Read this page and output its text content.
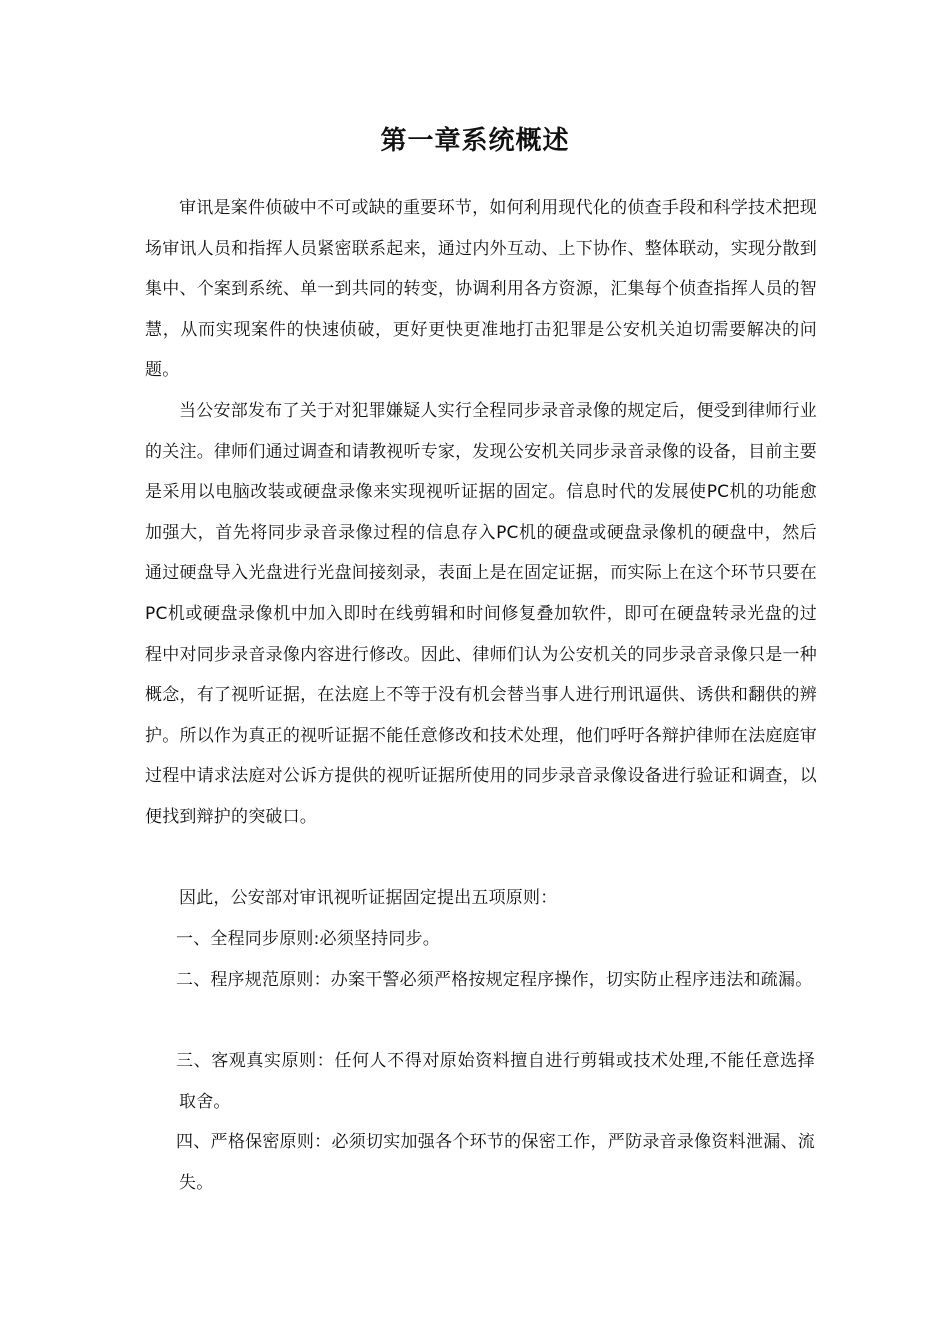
第一章系统概述

审讯是案件侦破中不可或缺的重要环节，如何利用现代化的侦查手段和科学技术把现场审讯人员和指挥人员紧密联系起来，通过内外互动、上下协作、整体联动，实现分散到集中、个案到系统、单一到共同的转变，协调利用各方资源，汇集每个侦查指挥人员的智慧，从而实现案件的快速侦破，更好更快更准地打击犯罪是公安机关迫切需要解决的问题。

当公安部发布了关于对犯罪嫌疑人实行全程同步录音录像的规定后，便受到律师行业的关注。律师们通过调查和请教视听专家，发现公安机关同步录音录像的设备，目前主要是采用以电脑改装或硬盘录像来实现视听证据的固定。信息时代的发展使PC机的功能愈加强大，首先将同步录音录像过程的信息存入PC机的硬盘或硬盘录像机的硬盘中，然后通过硬盘导入光盘进行光盘间接刻录，表面上是在固定证据，而实际上在这个环节只要在PC机或硬盘录像机中加入即时在线剪辑和时间修复叠加软件，即可在硬盘转录光盘的过程中对同步录音录像内容进行修改。因此、律师们认为公安机关的同步录音录像只是一种概念，有了视听证据，在法庭上不等于没有机会替当事人进行刑讯逼供、诱供和翻供的辨护。所以作为真正的视听证据不能任意修改和技术处理，他们呼吁各辩护律师在法庭庭审过程中请求法庭对公诉方提供的视听证据所使用的同步录音录像设备进行验证和调查，以便找到辩护的突破口。

因此，公安部对审讯视听证据固定提出五项原则：

一、全程同步原则:必须坚持同步。

二、程序规范原则：办案干警必须严格按规定程序操作，切实防止程序违法和疏漏。

三、客观真实原则：任何人不得对原始资料擅自进行剪辑或技术处理,不能任意选择取舍。

四、严格保密原则：必须切实加强各个环节的保密工作，严防录音录像资料泄漏、流失。
